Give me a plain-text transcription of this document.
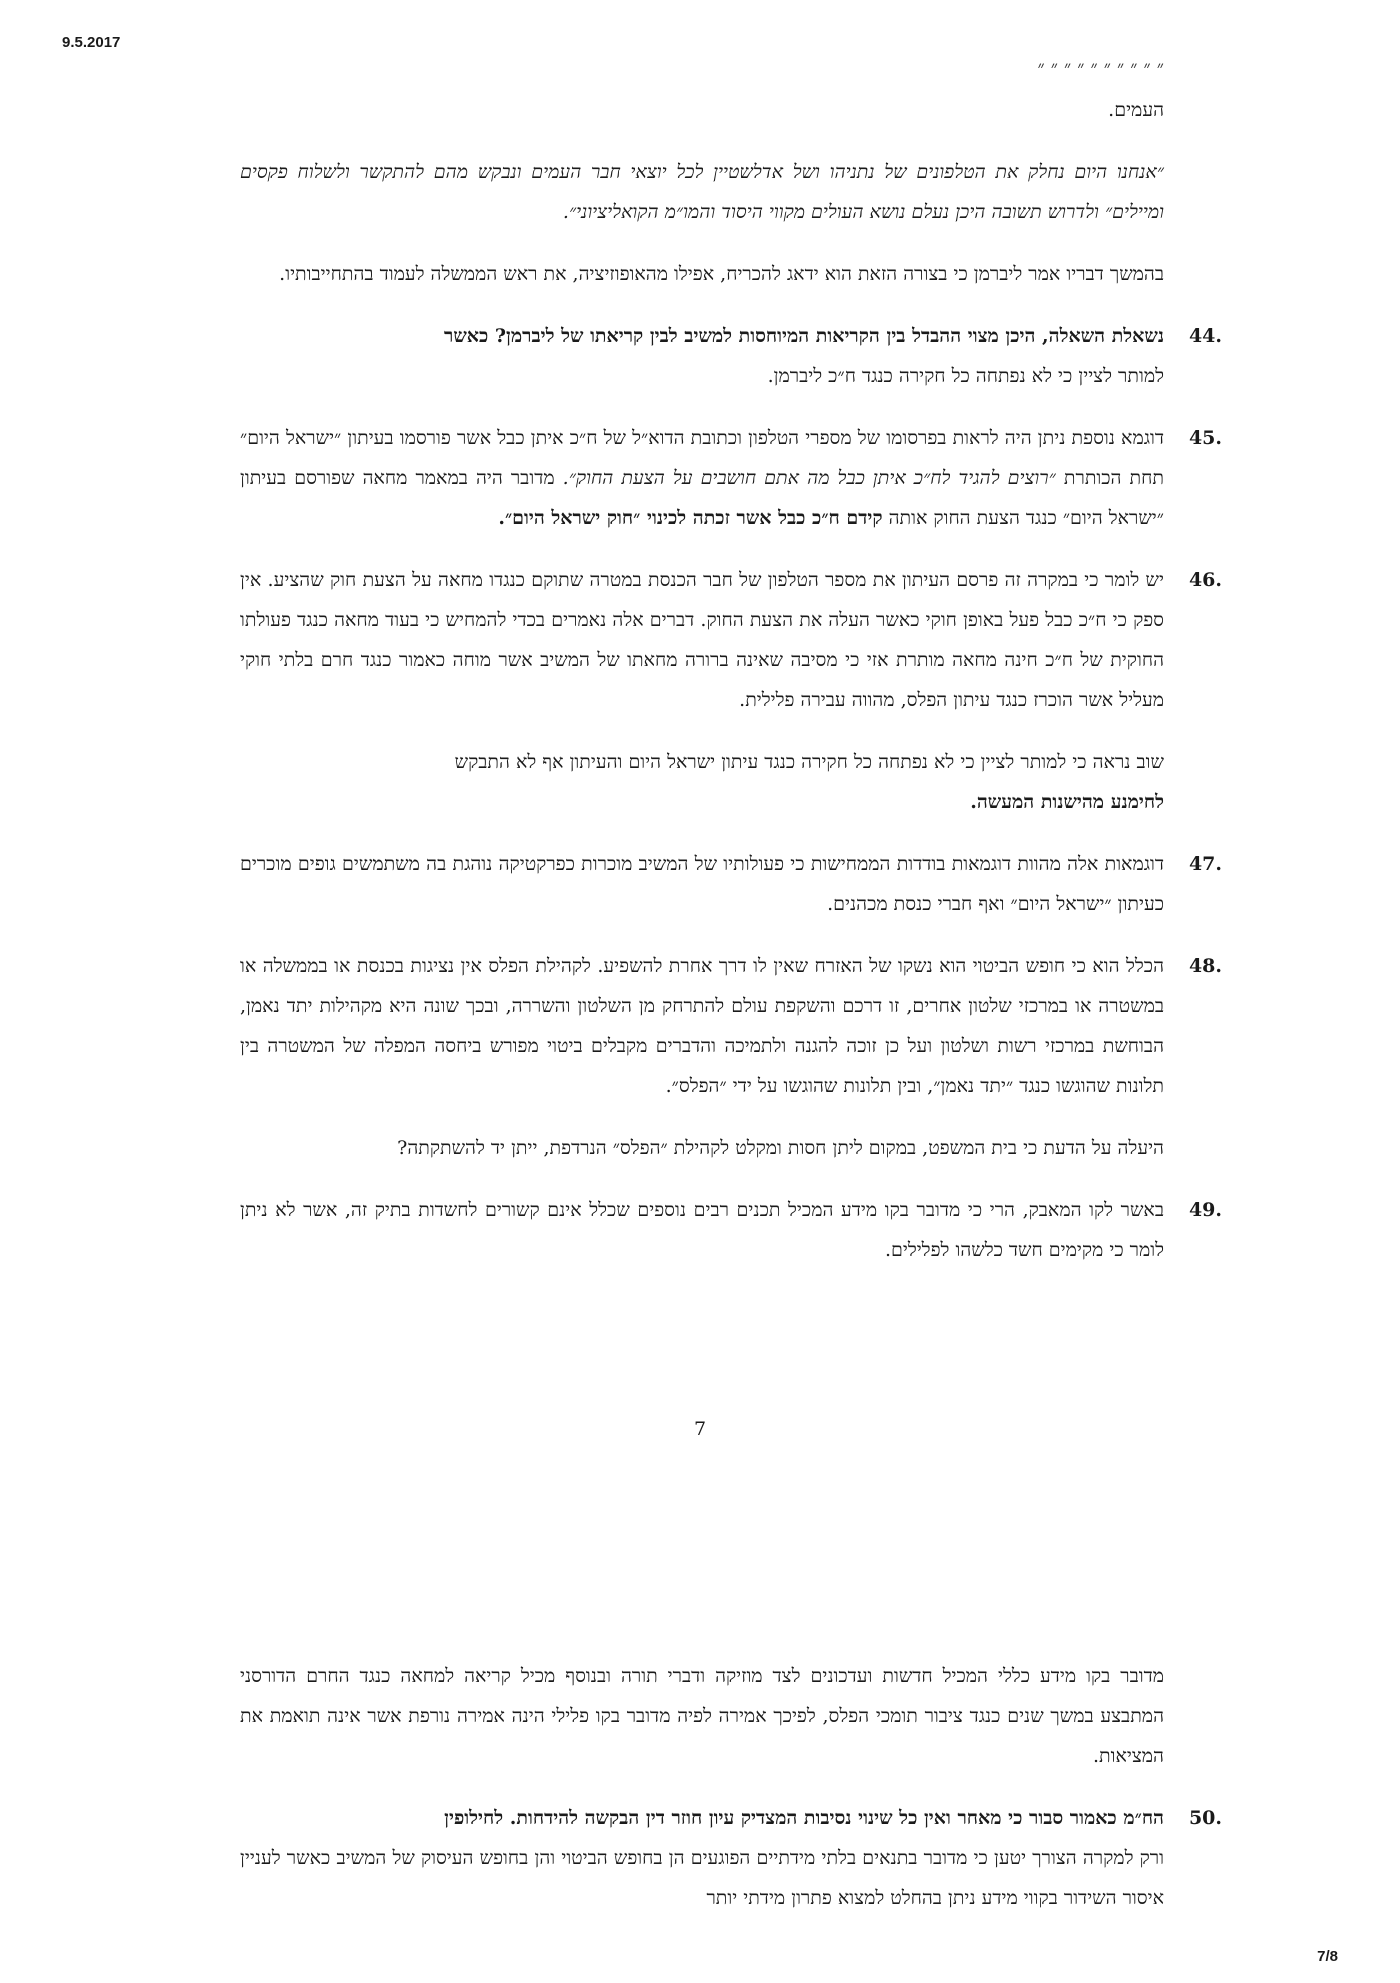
9.5.2017

״ ״ ״ ״ ״ ״ ״ ״ ״ ״

העמים.

״אנחנו היום נחלק את הטלפונים של נתניהו ושל אדלשטיין לכל יוצאי חבר העמים ונבקש מהם להתקשר ולשלוח פקסים ומיילים״ ולדרוש תשובה היכן נעלם נושא העולים מקווי היסוד והמו״מ הקואליציוני״.

בהמשך דבריו אמר ליברמן כי בצורה הזאת הוא ידאג להכריח, אפילו מהאופוזיציה, את ראש הממשלה לעמוד בהתחייבותיו.

44.

נשאלת השאלה, היכן מצוי ההבדל בין הקריאות המיוחסות למשיב לבין קריאתו של ליברמן? כאשר
למותר לציין כי לא נפתחה כל חקירה כנגד ח״כ ליברמן.

45.

דוגמא נוספת ניתן היה לראות בפרסומו של מספרי הטלפון וכתובת הדוא״ל של ח״כ איתן כבל אשר פורסמו בעיתון ״ישראל היום״ תחת הכותרת ״רוצים להגיד לח״כ איתן כבל מה אתם חושבים על הצעת החוק״. מדובר היה במאמר מחאה שפורסם בעיתון ״ישראל היום״ כנגד הצעת החוק אותה קידם ח״כ כבל אשר זכתה לכינוי ״חוק ישראל היום״.

46.

יש לומר כי במקרה זה פרסם העיתון את מספר הטלפון של חבר הכנסת במטרה שתוקם כנגדו מחאה על הצעת חוק שהציע. אין ספק כי ח״כ כבל פעל באופן חוקי כאשר העלה את הצעת החוק. דברים אלה נאמרים בכדי להמחיש כי בעוד מחאה כנגד פעולתו החוקית של ח״כ חינה מחאה מותרת אזי כי מסיבה שאינה ברורה מחאתו של המשיב אשר מוחה כאמור כנגד חרם בלתי חוקי מעליל אשר הוכרז כנגד עיתון הפלס, מהווה עבירה פלילית.

שוב נראה כי למותר לציין כי לא נפתחה כל חקירה כנגד עיתון ישראל היום והעיתון אף לא התבקש
לחימנע מהישנות המעשה.

47.

דוגמאות אלה מהוות דוגמאות בודדות הממחישות כי פעולותיו של המשיב מוכרות כפרקטיקה נוהגת בה משתמשים גופים מוכרים כעיתון ״ישראל היום״ ואף חברי כנסת מכהנים.

48.

הכלל הוא כי חופש הביטוי הוא נשקו של האזרח שאין לו דרך אחרת להשפיע. לקהילת הפלס אין נציגות בכנסת או בממשלה או במשטרה או במרכזי שלטון אחרים, זו דרכם והשקפת עולם להתרחק מן השלטון והשררה, ובכך שונה היא מקהילות יתד נאמן, הבוחשת במרכזי רשות ושלטון ועל כן זוכה להגנה ולתמיכה והדברים מקבלים ביטוי מפורש ביחסה המפלה של המשטרה בין תלונות שהוגשו כנגד ״יתד נאמן״, ובין תלונות שהוגשו על ידי ״הפלס״.

היעלה על הדעת כי בית המשפט, במקום ליתן חסות ומקלט לקהילת ״הפלס״ הנרדפת, ייתן יד להשתקתה?

49.

באשר לקו המאבק, הרי כי מדובר בקו מידע המכיל תכנים רבים נוספים שכלל אינם קשורים לחשדות בתיק זה, אשר לא ניתן לומר כי מקימים חשד כלשהו לפלילים.

7

מדובר בקו מידע כללי המכיל חדשות ועדכונים לצד מוזיקה ודברי תורה ובנוסף מכיל קריאה למחאה כנגד החרם הדורסני המתבצע במשך שנים כנגד ציבור תומכי הפלס, לפיכך אמירה לפיה מדובר בקו פלילי הינה אמירה נורפת אשר אינה תואמת את המציאות.

50.

הח״מ כאמור סבור כי מאחר ואין כל שינוי נסיבות המצדיק עיון חוזר דין הבקשה להידחות. לחילופין
ורק למקרה הצורך יטען כי מדובר בתנאים בלתי מידתיים הפוגעים הן בחופש הביטוי והן בחופש העיסוק של המשיב כאשר לעניין איסור השידור בקווי מידע ניתן בהחלט למצוא פתרון מידתי יותר

7/8
